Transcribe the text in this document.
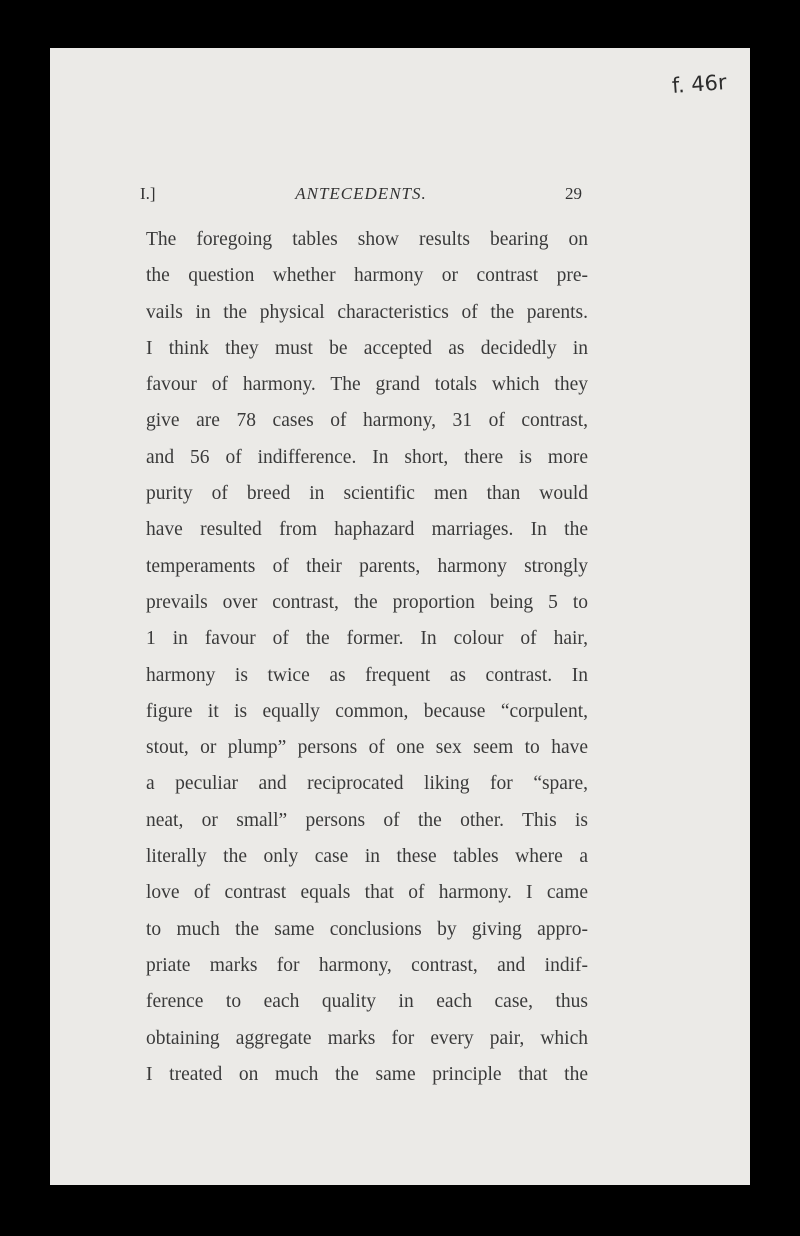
f. 46r
I.]	ANTECEDENTS.	29
The foregoing tables show results bearing on
the question whether harmony or contrast pre-
vails in the physical characteristics of the parents.
I think they must be accepted as decidedly in
favour of harmony. The grand totals which they
give are 78 cases of harmony, 31 of contrast,
and 56 of indifference. In short, there is more
purity of breed in scientific men than would
have resulted from haphazard marriages. In the
temperaments of their parents, harmony strongly
prevails over contrast, the proportion being 5 to
1 in favour of the former. In colour of hair,
harmony is twice as frequent as contrast. In
figure it is equally common, because “corpulent,
stout, or plump” persons of one sex seem to have
a peculiar and reciprocated liking for “spare,
neat, or small” persons of the other. This is
literally the only case in these tables where a
love of contrast equals that of harmony. I came
to much the same conclusions by giving appro-
priate marks for harmony, contrast, and indif-
ference to each quality in each case, thus
obtaining aggregate marks for every pair, which
I treated on much the same principle that the
